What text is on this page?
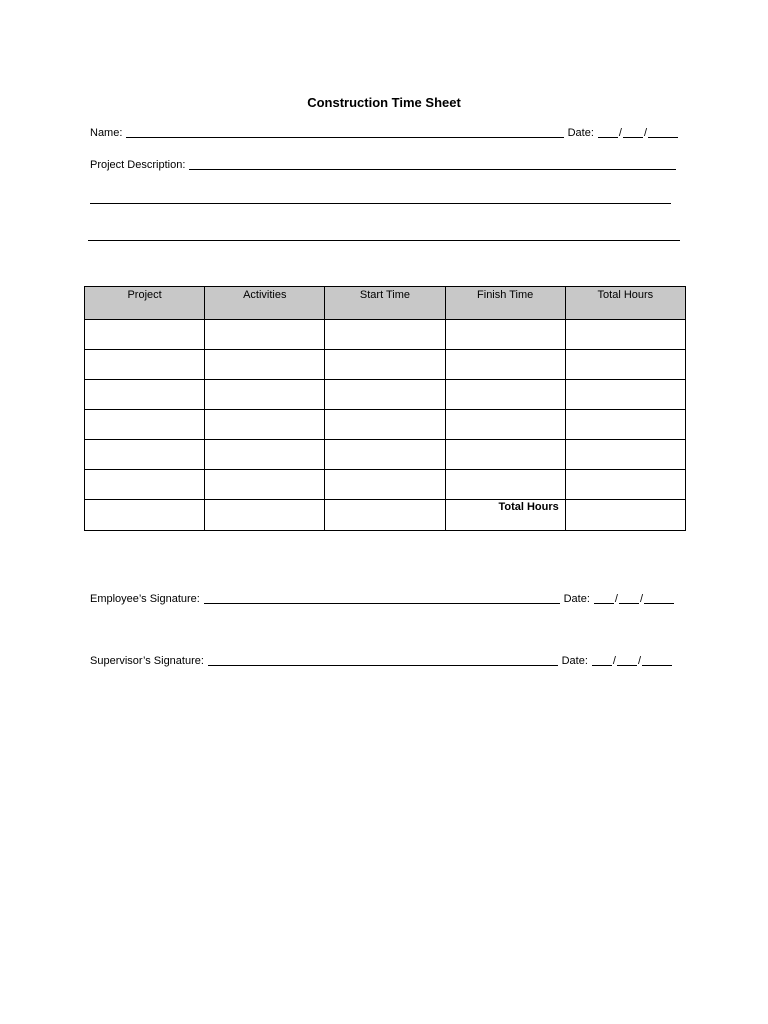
Construction Time Sheet
Name:	Date: / /
Project Description:
Project	Activities	Start Time	Finish Time	Total Hours

			Total Hours	
Employee’s Signature:	Date: / /
Supervisor’s Signature:	Date: / /
